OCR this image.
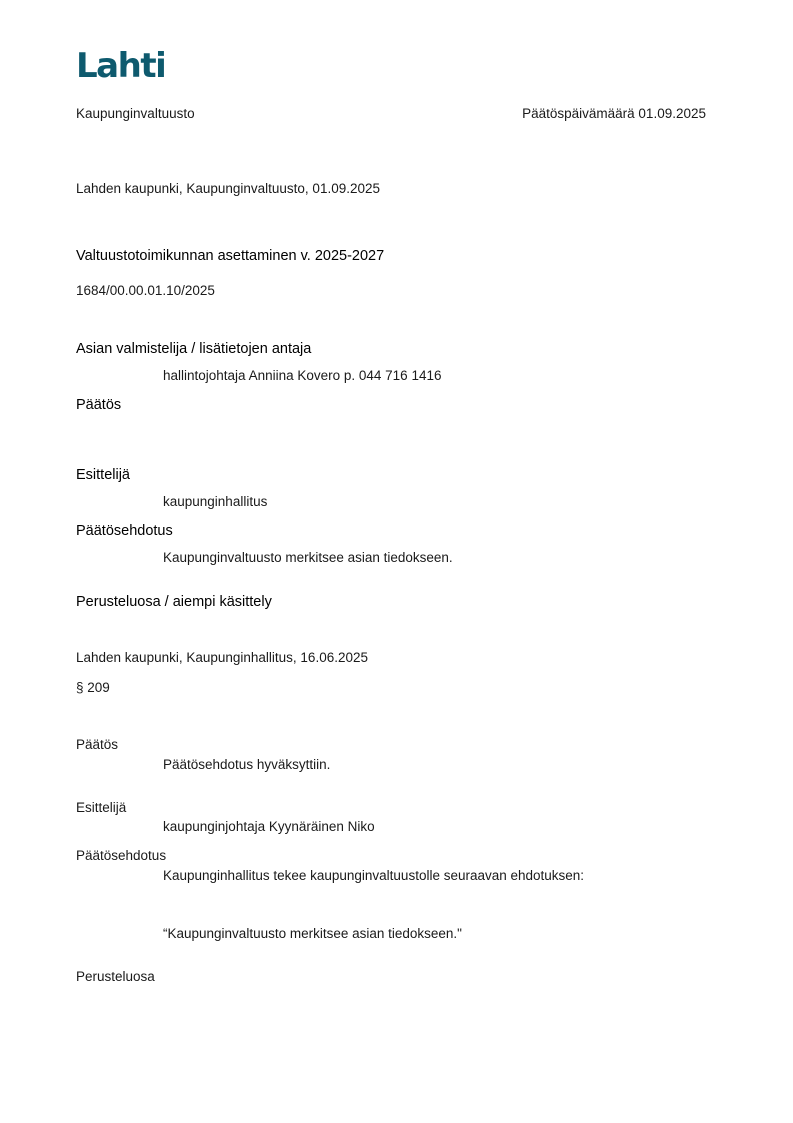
Lahti
Kaupunginvaltuusto	Päätöspäivämäärä 01.09.2025
Lahden kaupunki, Kaupunginvaltuusto, 01.09.2025
Valtuustotoimikunnan asettaminen v. 2025-2027
1684/00.00.01.10/2025
Asian valmistelija / lisätietojen antaja
hallintojohtaja Anniina Kovero p. 044 716 1416
Päätös
Esittelijä
kaupunginhallitus
Päätösehdotus
Kaupunginvaltuusto merkitsee asian tiedokseen.
Perusteluosa / aiempi käsittely
Lahden kaupunki, Kaupunginhallitus, 16.06.2025
§ 209
Päätös
Päätösehdotus hyväksyttiin.
Esittelijä
kaupunginjohtaja Kyynäräinen Niko
Päätösehdotus
Kaupunginhallitus tekee kaupunginvaltuustolle seuraavan ehdotuksen:
“Kaupunginvaltuusto merkitsee asian tiedokseen."
Perusteluosa
